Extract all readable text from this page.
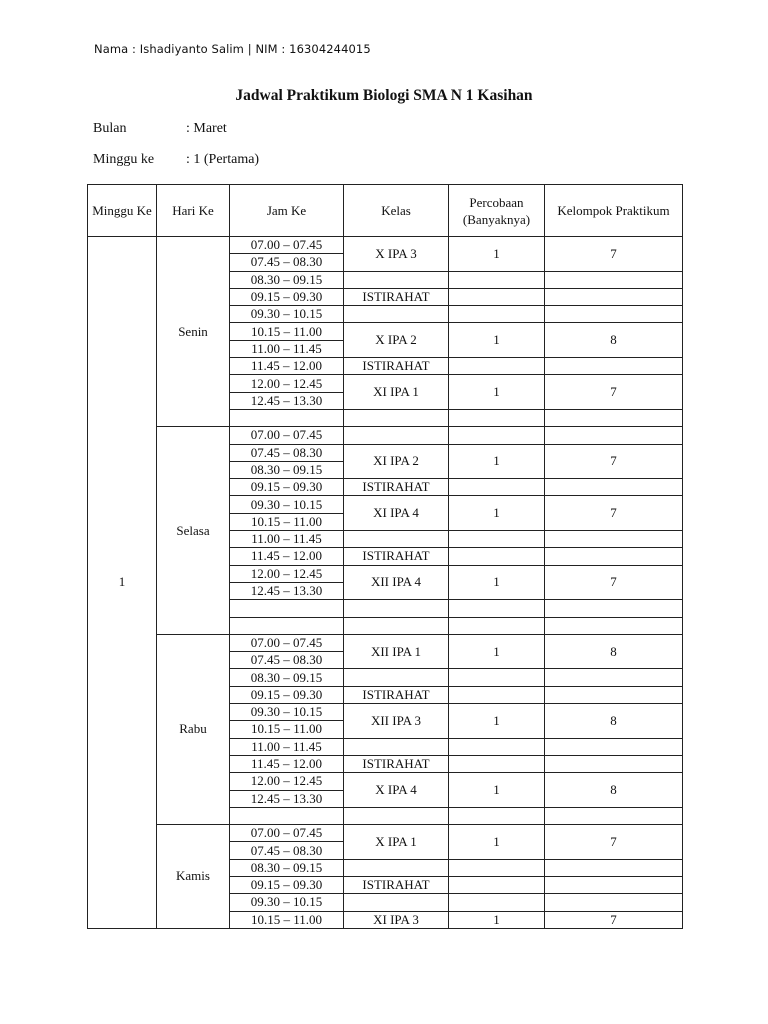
Nama : Ishadiyanto Salim | NIM : 16304244015
Jadwal Praktikum Biologi SMA N 1 Kasihan
Bulan	: Maret
Minggu ke : 1 (Pertama)
Minggu Ke	Hari Ke	Jam Ke	Kelas	Percobaan (Banyaknya)	Kelompok Praktikum
1	Senin	07.00 – 07.45	X IPA 3	1	7
		07.45 – 08.30			
		08.30 – 09.15			
		09.15 – 09.30	ISTIRAHAT		
		09.30 – 10.15			
		10.15 – 11.00	X IPA 2	1	8
		11.00 – 11.45			
		11.45 – 12.00	ISTIRAHAT		
		12.00 – 12.45	XI IPA 1	1	7
		12.45 – 13.30			

	Selasa	07.00 – 07.45			
		07.45 – 08.30	XI IPA 2	1	7
		08.30 – 09.15			
		09.15 – 09.30	ISTIRAHAT		
		09.30 – 10.15	XI IPA 4	1	7
		10.15 – 11.00			
		11.00 – 11.45			
		11.45 – 12.00	ISTIRAHAT		
		12.00 – 12.45	XII IPA 4	1	7
		12.45 – 13.30			

	Rabu	07.00 – 07.45	XII IPA 1	1	8
		07.45 – 08.30			
		08.30 – 09.15			
		09.15 – 09.30	ISTIRAHAT		
		09.30 – 10.15	XII IPA 3	1	8
		10.15 – 11.00			
		11.00 – 11.45			
		11.45 – 12.00	ISTIRAHAT		
		12.00 – 12.45	X IPA 4	1	8
		12.45 – 13.30			

	Kamis	07.00 – 07.45	X IPA 1	1	7
		07.45 – 08.30			
		08.30 – 09.15			
		09.15 – 09.30	ISTIRAHAT		
		09.30 – 10.15			
		10.15 – 11.00	XI IPA 3	1	7
